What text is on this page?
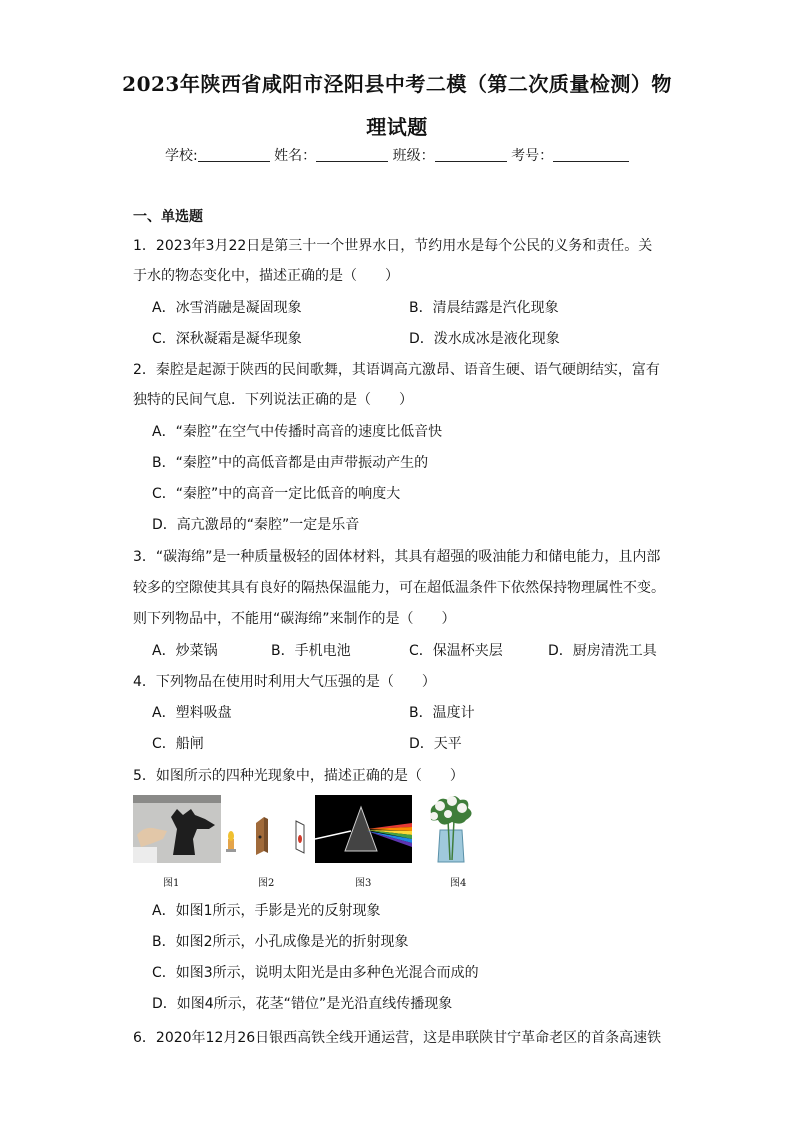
2023年陕西省咸阳市泾阳县中考二模（第二次质量检测）物
理试题
学校:	姓名：	班级：	考号：
一、单选题
1．2023年3月22日是第三十一个世界水日，节约用水是每个公民的义务和责任。关
于水的物态变化中，描述正确的是（　　）
A．冰雪消融是凝固现象	B．清晨结露是汽化现象
C．深秋凝霜是凝华现象	D．泼水成冰是液化现象
2．秦腔是起源于陕西的民间歌舞，其语调高亢激昂、语音生硬、语气硬朗结实，富有
独特的民间气息．下列说法正确的是（　　）
A．“秦腔”在空气中传播时高音的速度比低音快
B．“秦腔”中的高低音都是由声带振动产生的
C．“秦腔”中的高音一定比低音的响度大
D．高亢激昂的“秦腔”一定是乐音
3．“碳海绵”是一种质量极轻的固体材料，其具有超强的吸油能力和储电能力，且内部
较多的空隙使其具有良好的隔热保温能力，可在超低温条件下依然保持物理属性不变。
则下列物品中，不能用“碳海绵”来制作的是（　　）
A．炒菜锅	B．手机电池	C．保温杯夹层	D．厨房清洗工具
4．下列物品在使用时利用大气压强的是（　　）
A．塑料吸盘	B．温度计
C．船闸	D．天平
5．如图所示的四种光现象中，描述正确的是（　　）
图1	图2	图3	图4
A．如图1所示，手影是光的反射现象
B．如图2所示，小孔成像是光的折射现象
C．如图3所示，说明太阳光是由多种色光混合而成的
D．如图4所示，花茎“错位”是光沿直线传播现象
6．2020年12月26日银西高铁全线开通运营，这是串联陕甘宁革命老区的首条高速铁
